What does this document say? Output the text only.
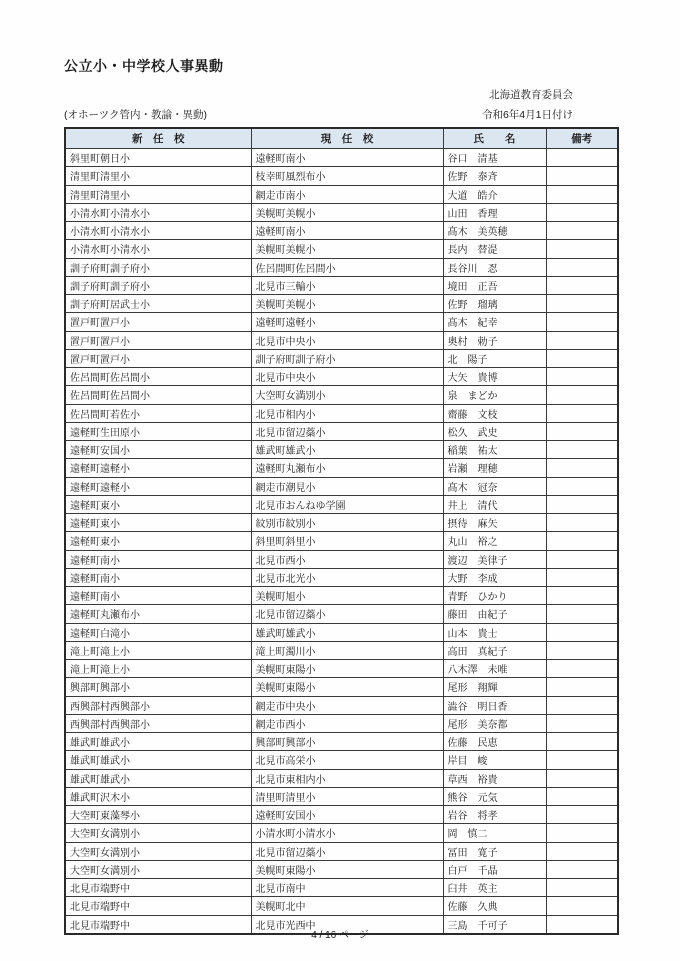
公立小・中学校人事異動
北海道教育委員会
(オホーツク管内・教諭・異動)	令和6年4月1日付け
新　任　校	現　任　校	氏　　名	備考
斜里町朝日小	遠軽町南小	谷口　清基	
清里町清里小	枝幸町風烈布小	佐野　泰斉	
清里町清里小	網走市南小	大道　皓介	
小清水町小清水小	美幌町美幌小	山田　香理	
小清水町小清水小	遠軽町南小	髙木　美英穂	
小清水町小清水小	美幌町美幌小	長内　替湜	
訓子府町訓子府小	佐呂間町佐呂間小	長谷川　忍	
訓子府町訓子府小	北見市三輪小	境田　正吾	
訓子府町居武士小	美幌町美幌小	佐野　瑠璃	
置戸町置戸小	遠軽町遠軽小	髙木　紀幸	
置戸町置戸小	北見市中央小	奥村　勅子	
置戸町置戸小	訓子府町訓子府小	北　陽子	
佐呂間町佐呂間小	北見市中央小	大矢　貴博	
佐呂間町佐呂間小	大空町女満別小	泉　まどか	
佐呂間町若佐小	北見市相内小	齋藤　文枝	
遠軽町生田原小	北見市留辺蘂小	松久　武史	
遠軽町安国小	雄武町雄武小	稲葉　祐太	
遠軽町遠軽小	遠軽町丸瀬布小	岩瀬　理穂	
遠軽町遠軽小	網走市潮見小	髙木　冠奈	
遠軽町東小	北見市おんねゆ学園	井上　清代	
遠軽町東小	紋別市紋別小	摂待　麻矢	
遠軽町東小	斜里町斜里小	丸山　裕之	
遠軽町南小	北見市西小	渡辺　美律子	
遠軽町南小	北見市北光小	大野　李成	
遠軽町南小	美幌町旭小	青野　ひかり	
遠軽町丸瀬布小	北見市留辺蘂小	藤田　由紀子	
遠軽町白滝小	雄武町雄武小	山本　貴士	
滝上町滝上小	滝上町濁川小	高田　真紀子	
滝上町滝上小	美幌町東陽小	八木澤　未唯	
興部町興部小	美幌町東陽小	尾形　翔輝	
西興部村西興部小	網走市中央小	澁谷　明日香	
西興部村西興部小	網走市西小	尾形　美奈都	
雄武町雄武小	興部町興部小	佐藤　民恵	
雄武町雄武小	北見市高栄小	岸目　峻	
雄武町雄武小	北見市東相内小	草西　裕貴	
雄武町沢木小	清里町清里小	熊谷　元気	
大空町東藻琴小	遠軽町安国小	岩谷　将孝	
大空町女満別小	小清水町小清水小	岡　慎二	
大空町女満別小	北見市留辺蘂小	冨田　寛子	
大空町女満別小	美幌町東陽小	白戸　千晶	
北見市端野中	北見市南中	臼井　英主	
北見市端野中	美幌町北中	佐藤　久典	
北見市端野中	北見市光西中	三島　千可子	
4 / 16 ページ
